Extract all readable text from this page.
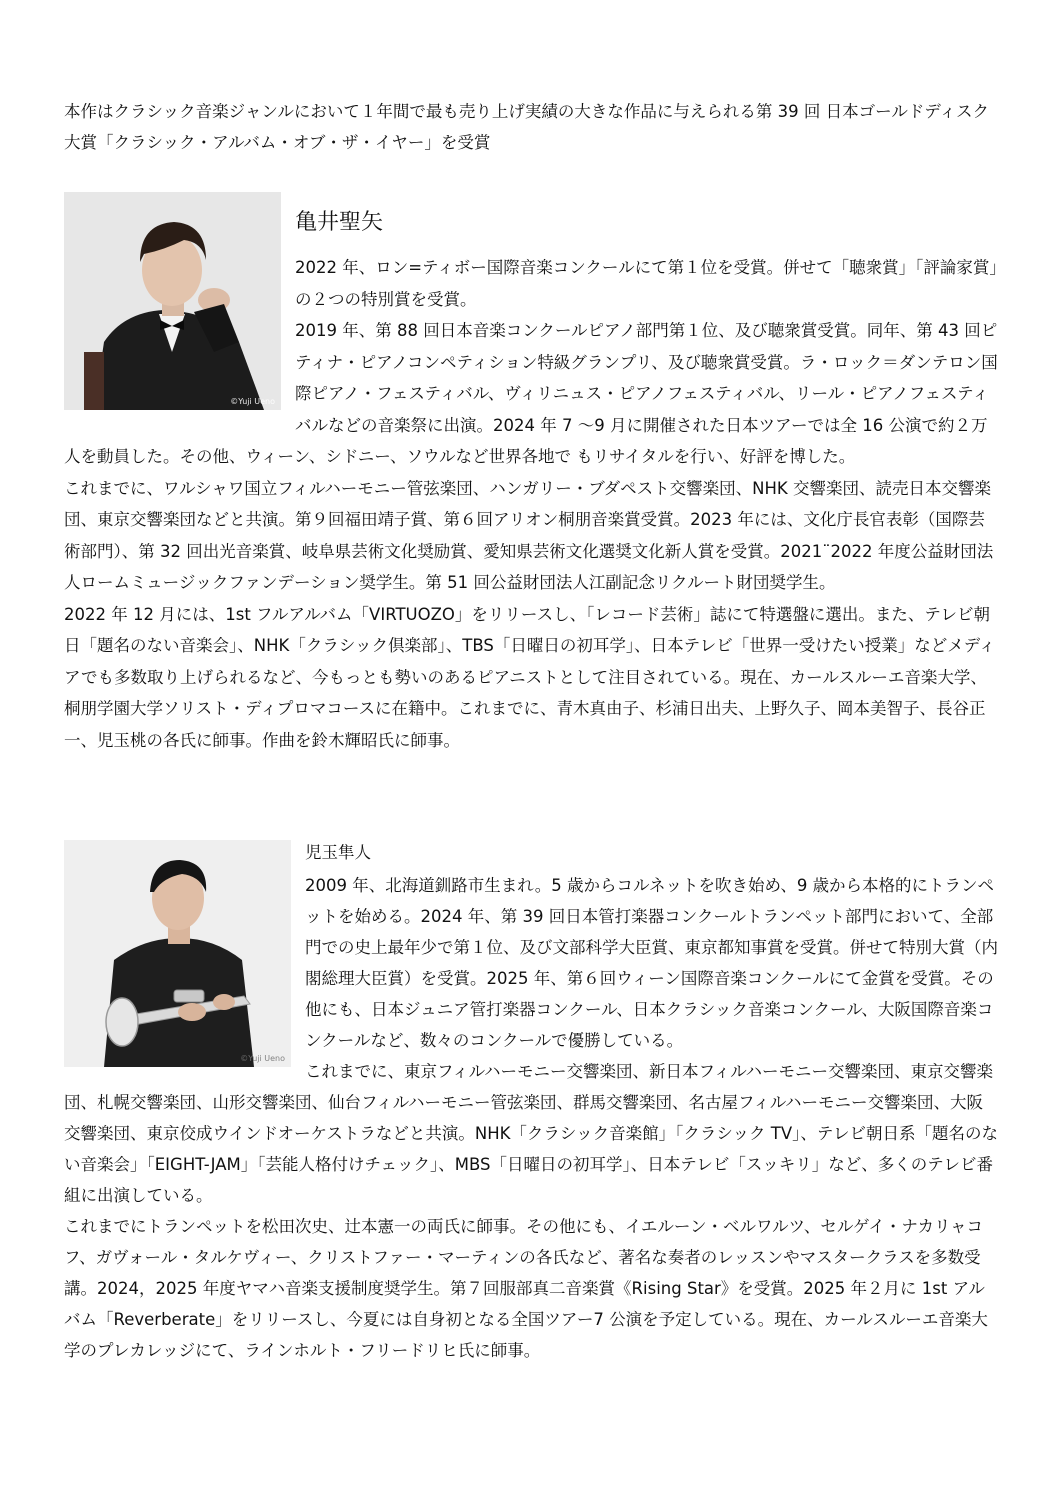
本作はクラシック音楽ジャンルにおいて１年間で最も売り上げ実績の大きな作品に与えられる第 39 回 日本ゴールドディスク大賞「クラシック・アルバム・オブ・ザ・イヤー」を受賞

©Yuji Ueno
亀井聖矢

2022 年、ロン=ティボー国際音楽コンクールにて第１位を受賞。併せて「聴衆賞」「評論家賞」の２つの特別賞を受賞。

2019 年、第 88 回日本音楽コンクールピアノ部門第１位、及び聴衆賞受賞。同年、第 43 回ピティナ・ピアノコンペティション特級グランプリ、及び聴衆賞受賞。ラ・ロック＝ダンテロン国際ピアノ・フェスティバル、ヴィリニュス・ピアノフェスティバル、リール・ピアノフェスティバルなどの音楽祭に出演。2024 年 7 ～9 月に開催された日本ツアーでは全 16 公演で約２万人を動員した。その他、ウィーン、シドニー、ソウルなど世界各地で もリサイタルを行い、好評を博した。

これまでに、ワルシャワ国立フィルハーモニー管弦楽団、ハンガリー・ブダペスト交響楽団、NHK 交響楽団、読売日本交響楽団、東京交響楽団などと共演。第９回福田靖子賞、第６回アリオン桐朋音楽賞受賞。2023 年には、文化庁長官表彰（国際芸術部門）、第 32 回出光音楽賞、岐阜県芸術文化奨励賞、愛知県芸術文化選奨文化新人賞を受賞。2021¨2022 年度公益財団法人ロームミュージックファンデーション奨学生。第 51 回公益財団法人江副記念リクルート財団奨学生。

2022 年 12 月には、1st フルアルバム「VIRTUOZO」をリリースし、「レコード芸術」誌にて特選盤に選出。また、テレビ朝日「題名のない音楽会」、NHK「クラシック倶楽部」、TBS「日曜日の初耳学」、日本テレビ「世界一受けたい授業」などメディアでも多数取り上げられるなど、今もっとも勢いのあるピアニストとして注目されている。現在、カールスルーエ音楽大学、桐朋学園大学ソリスト・ディプロマコースに在籍中。これまでに、青木真由子、杉浦日出夫、上野久子、岡本美智子、長谷正一、児玉桃の各氏に師事。作曲を鈴木輝昭氏に師事。

©Yuji Ueno
児玉隼人

2009 年、北海道釧路市生まれ。5 歳からコルネットを吹き始め、9 歳から本格的にトランペットを始める。2024 年、第 39 回日本管打楽器コンクールトランペット部門において、全部門での史上最年少で第１位、及び文部科学大臣賞、東京都知事賞を受賞。併せて特別大賞（内閣総理大臣賞）を受賞。2025 年、第６回ウィーン国際音楽コンクールにて金賞を受賞。その他にも、日本ジュニア管打楽器コンクール、日本クラシック音楽コンクール、大阪国際音楽コンクールなど、数々のコンクールで優勝している。

これまでに、東京フィルハーモニー交響楽団、新日本フィルハーモニー交響楽団、東京交響楽団、札幌交響楽団、山形交響楽団、仙台フィルハーモニー管弦楽団、群馬交響楽団、名古屋フィルハーモニー交響楽団、大阪交響楽団、東京佼成ウインドオーケストラなどと共演。NHK「クラシック音楽館」「クラシック TV」、テレビ朝日系「題名のない音楽会」「EIGHT-JAM」「芸能人格付けチェック」、MBS「日曜日の初耳学」、日本テレビ「スッキリ」など、多くのテレビ番組に出演している。

これまでにトランペットを松田次史、辻本憲一の両氏に師事。その他にも、イエルーン・ベルワルツ、セルゲイ・ナカリャコフ、ガヴォール・タルケヴィー、クリストファー・マーティンの各氏など、著名な奏者のレッスンやマスタークラスを多数受講。2024，2025 年度ヤマハ音楽支援制度奨学生。第７回服部真二音楽賞《Rising Star》を受賞。2025 年２月に 1st アルバム「Reverberate」をリリースし、今夏には自身初となる全国ツアー7 公演を予定している。現在、カールスルーエ音楽大学のプレカレッジにて、ラインホルト・フリードリヒ氏に師事。
